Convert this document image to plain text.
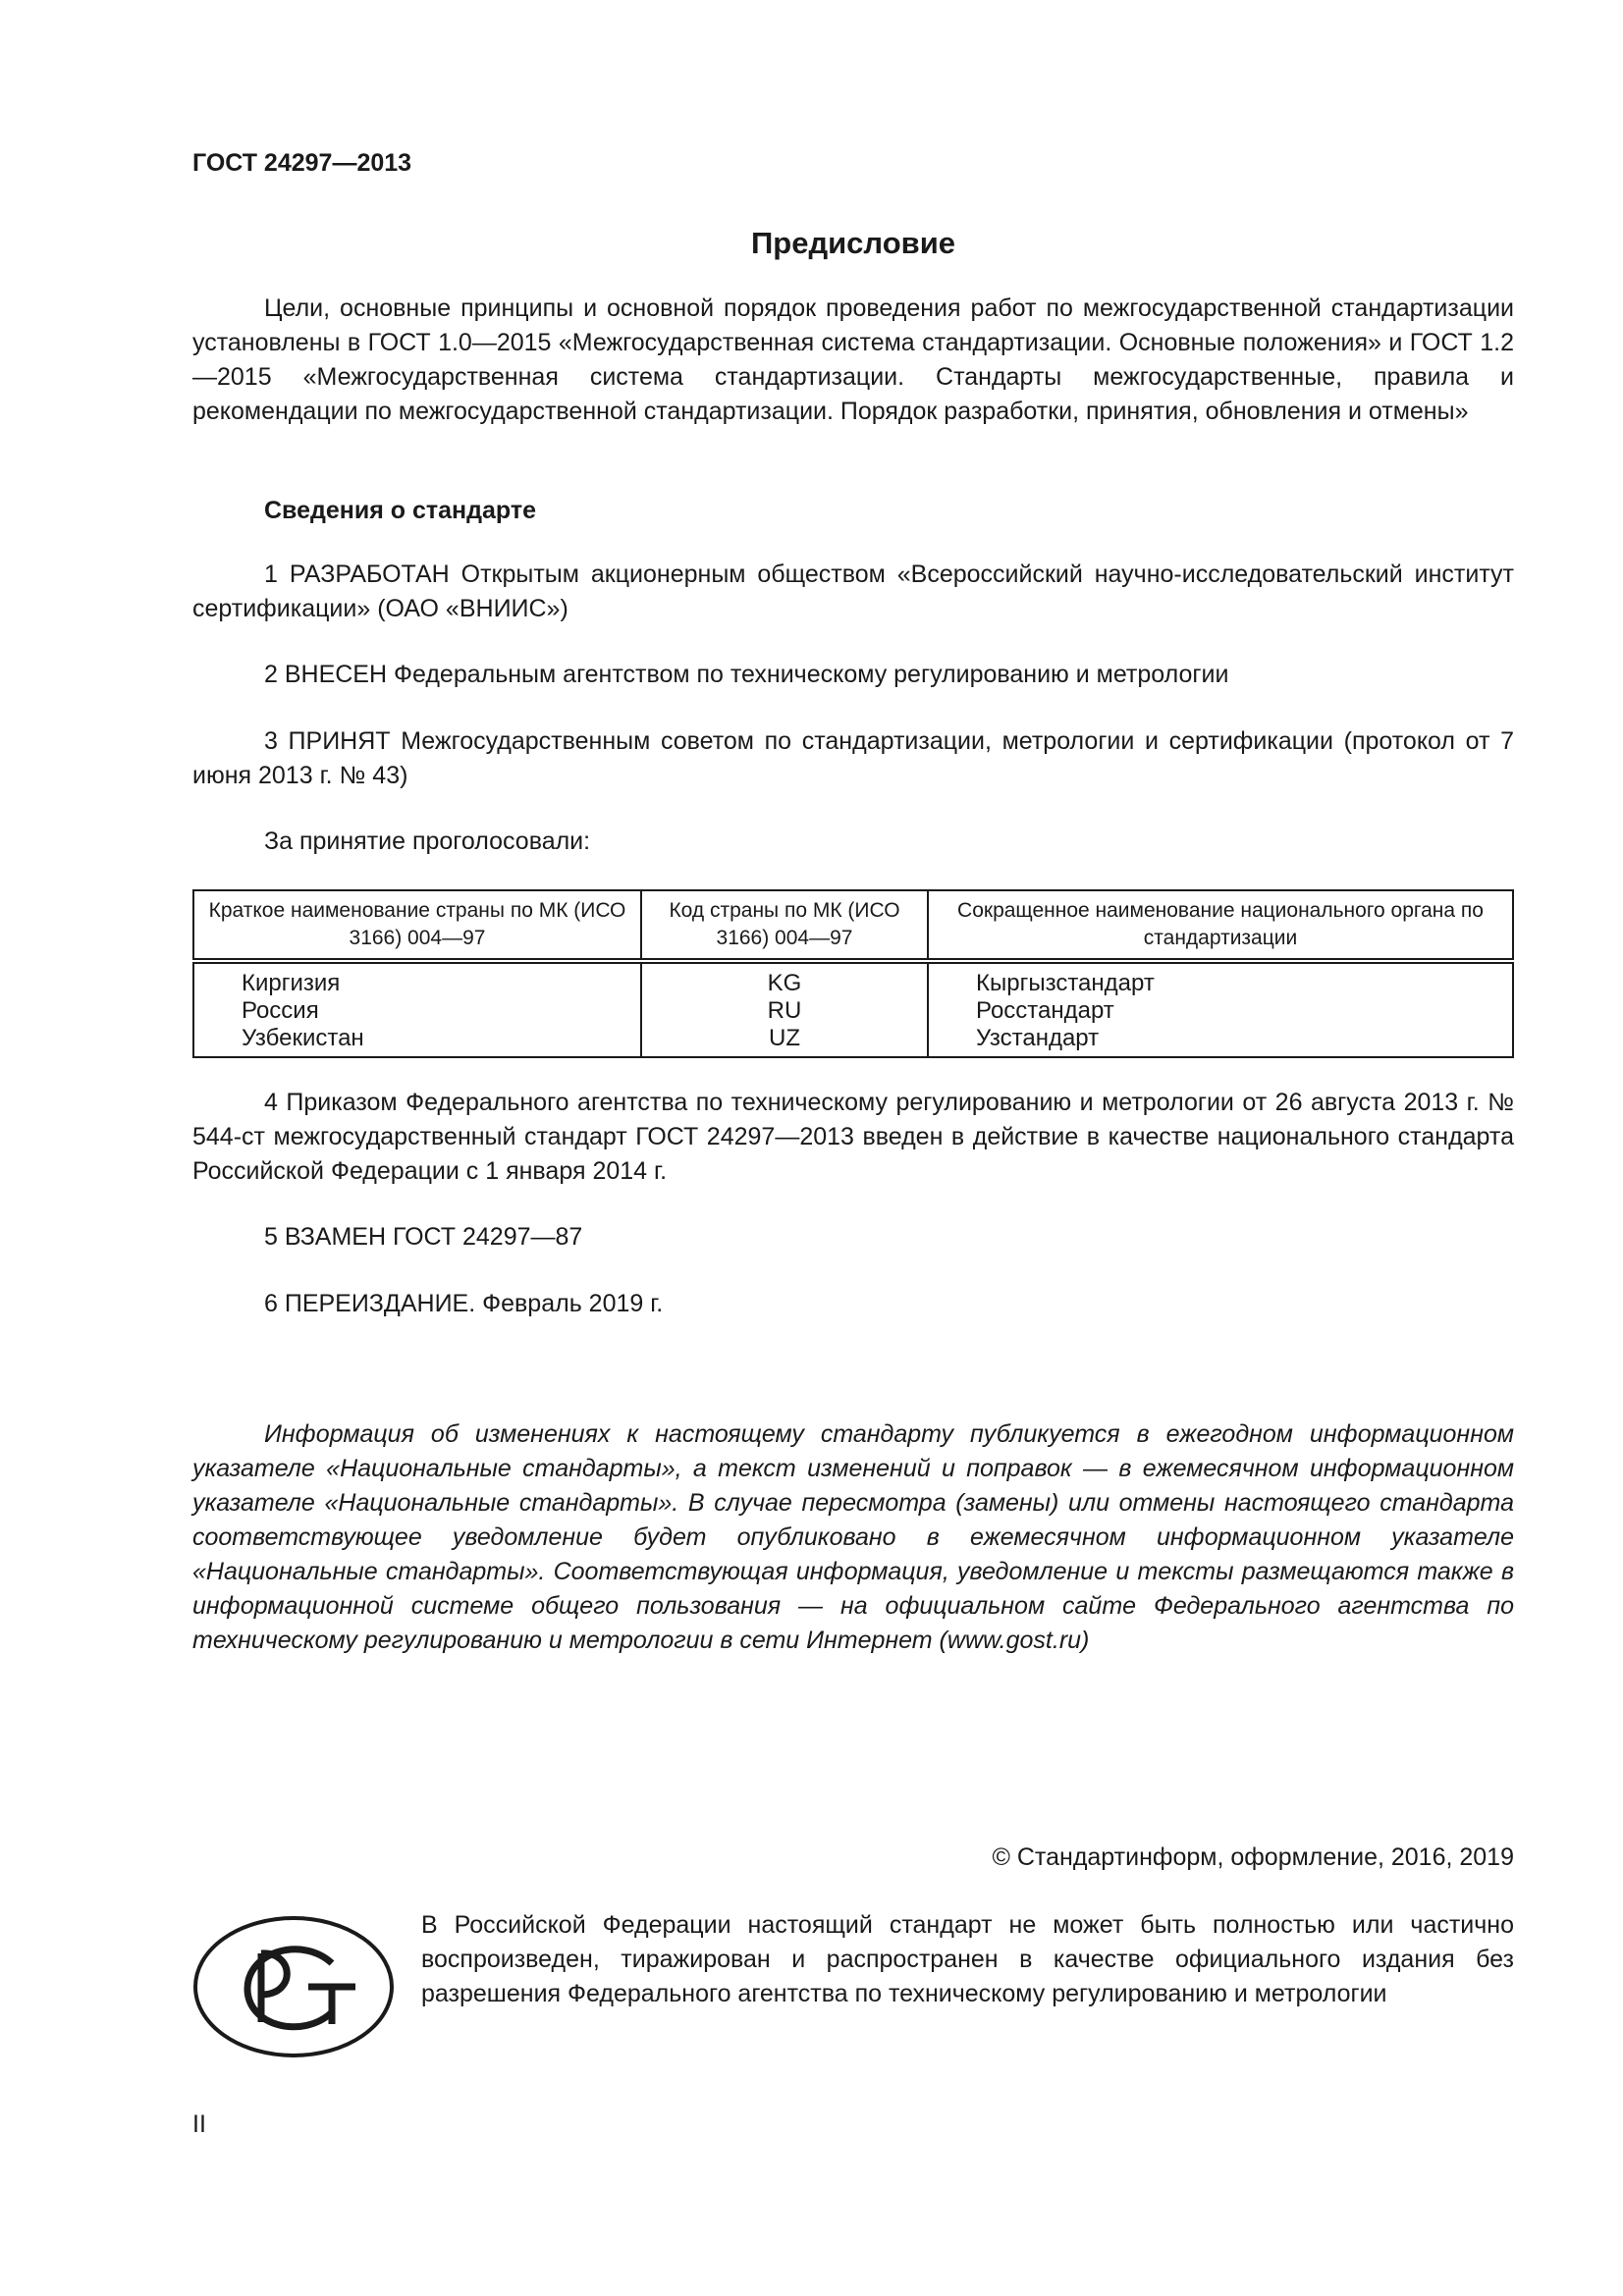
ГОСТ 24297—2013
Предисловие

Цели, основные принципы и основной порядок проведения работ по межгосударственной стандартизации установлены в ГОСТ 1.0—2015 «Межгосударственная система стандартизации. Основные положения» и ГОСТ 1.2—2015 «Межгосударственная система стандартизации. Стандарты межгосударственные, правила и рекомендации по межгосударственной стандартизации. Порядок разработки, принятия, обновления и отмены»

Сведения о стандарте

1 РАЗРАБОТАН Открытым акционерным обществом «Всероссийский научно-исследовательский институт сертификации» (ОАО «ВНИИС»)

2 ВНЕСЕН Федеральным агентством по техническому регулированию и метрологии

3 ПРИНЯТ Межгосударственным советом по стандартизации, метрологии и сертификации (протокол от 7 июня 2013 г. № 43)

За принятие проголосовали:

Краткое наименование страны по МК (ИСО 3166) 004—97	Код страны по МК (ИСО 3166) 004—97	Сокращенное наименование национального органа по стандартизации
Киргизия	KG	Кыргызстандарт
Россия	RU	Росстандарт
Узбекистан	UZ	Узстандарт

4 Приказом Федерального агентства по техническому регулированию и метрологии от 26 августа 2013 г. № 544-ст межгосударственный стандарт ГОСТ 24297—2013 введен в действие в качестве национального стандарта Российской Федерации с 1 января 2014 г.

5 ВЗАМЕН ГОСТ 24297—87

6 ПЕРЕИЗДАНИЕ. Февраль 2019 г.

Информация об изменениях к настоящему стандарту публикуется в ежегодном информационном указателе «Национальные стандарты», а текст изменений и поправок — в ежемесячном информационном указателе «Национальные стандарты». В случае пересмотра (замены) или отмены настоящего стандарта соответствующее уведомление будет опубликовано в ежемесячном информационном указателе «Национальные стандарты». Соответствующая информация, уведомление и тексты размещаются также в информационной системе общего пользования — на официальном сайте Федерального агентства по техническому регулированию и метрологии в сети Интернет (www.gost.ru)

© Стандартинформ, оформление, 2016, 2019

В Российской Федерации настоящий стандарт не может быть полностью или частично воспроизведен, тиражирован и распространен в качестве официального издания без разрешения Федерального агентства по техническому регулированию и метрологии

II
